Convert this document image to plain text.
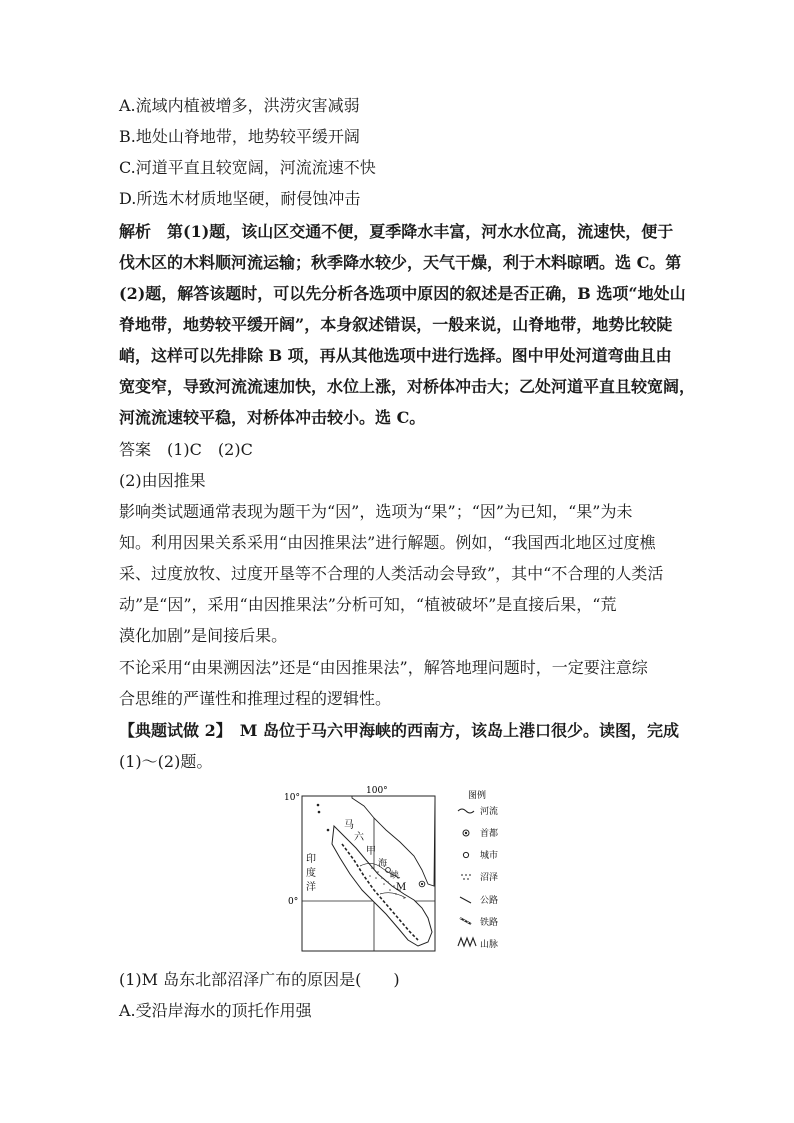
A.流域内植被增多，洪涝灾害减弱
B.地处山脊地带，地势较平缓开阔
C.河道平直且较宽阔，河流流速不快
D.所选木材质地坚硬，耐侵蚀冲击
解析　第(1)题，该山区交通不便，夏季降水丰富，河水水位高，流速快，便于
伐木区的木料顺河流运输；秋季降水较少，天气干燥，利于木料晾晒。选 C。第
(2)题，解答该题时，可以先分析各选项中原因的叙述是否正确，B 选项“地处山
脊地带，地势较平缓开阔”，本身叙述错误，一般来说，山脊地带，地势比较陡
峭，这样可以先排除 B 项，再从其他选项中进行选择。图中甲处河道弯曲且由
宽变窄，导致河流流速加快，水位上涨，对桥体冲击大；乙处河道平直且较宽阔，
河流流速较平稳，对桥体冲击较小。选 C。
答案　(1)C　(2)C
(2)由因推果
影响类试题通常表现为题干为“因”，选项为“果”；“因”为已知，“果”为未
知。利用因果关系采用“由因推果法”进行解题。例如，“我国西北地区过度樵
采、过度放牧、过度开垦等不合理的人类活动会导致”，其中“不合理的人类活
动”是“因”，采用“由因推果法”分析可知，“植被破坏”是直接后果，“荒
漠化加剧”是间接后果。
不论采用“由果溯因法”还是“由因推果法”，解答地理问题时，一定要注意综
合思维的严谨性和推理过程的逻辑性。
【典题试做 2】　M 岛位于马六甲海峡的西南方，该岛上港口很少。读图，完成
(1)～(2)题。
10°
100°
0°
印
度
洋
马
六
甲
海
峡
M
图例
河流
首都
城市
沼泽
公路
铁路
山脉
(1)M 岛东北部沼泽广布的原因是(　　)
A.受沿岸海水的顶托作用强
